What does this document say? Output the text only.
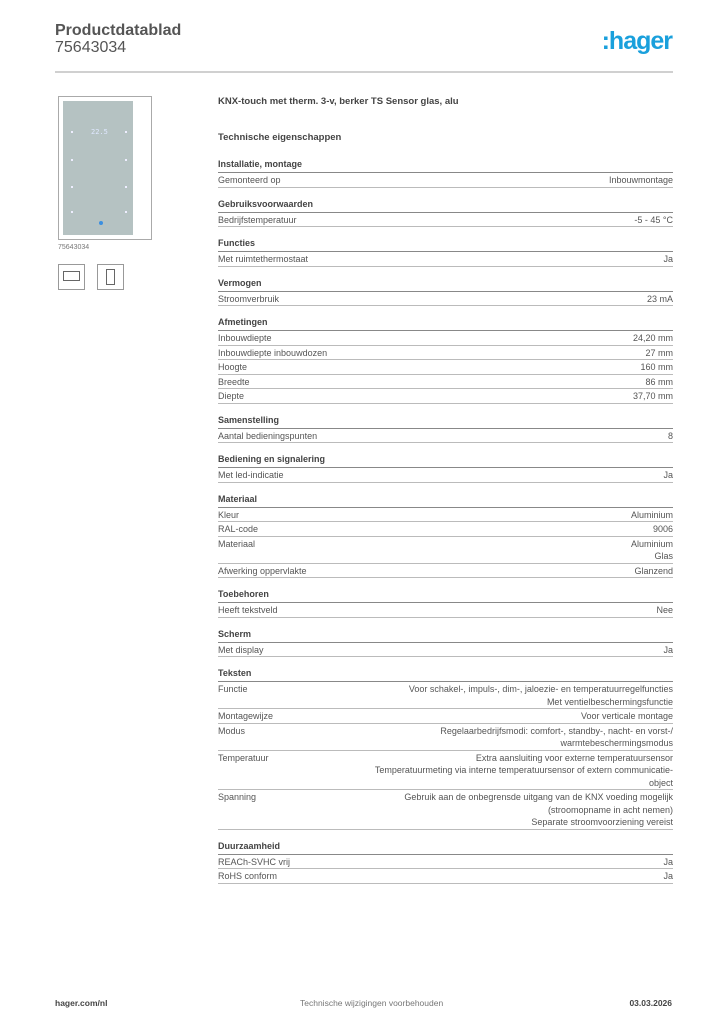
Productdatablad
75643034	:hager
22.5
75643034
KNX-touch met therm. 3-v, berker TS Sensor glas, alu
Technische eigenschappen
Installatie, montage
Gemonteerd op	Inbouwmontage
Gebruiksvoorwaarden
Bedrijfstemperatuur	-5 - 45 °C
Functies
Met ruimtethermostaat	Ja
Vermogen
Stroomverbruik	23 mA
Afmetingen
Inbouwdiepte	24,20 mm
Inbouwdiepte inbouwdozen	27 mm
Hoogte	160 mm
Breedte	86 mm
Diepte	37,70 mm
Samenstelling
Aantal bedieningspunten	8
Bediening en signalering
Met led-indicatie	Ja
Materiaal
Kleur	Aluminium
RAL-code	9006
Materiaal	Aluminium
Glas
Afwerking oppervlakte	Glanzend
Toebehoren
Heeft tekstveld	Nee
Scherm
Met display	Ja
Teksten
Functie	Voor schakel-, impuls-, dim-, jaloezie- en temperatuurregelfuncties
Met ventielbeschermingsfunctie
Montagewijze	Voor verticale montage
Modus	Regelaarbedrijfsmodi: comfort-, standby-, nacht- en vorst-/
warmtebeschermingsmodus
Temperatuur	Extra aansluiting voor externe temperatuursensor
Temperatuurmeting via interne temperatuursensor of extern communicatie-
object
Spanning	Gebruik aan de onbegrensde uitgang van de KNX voeding mogelijk
(stroomopname in acht nemen)
Separate stroomvoorziening vereist
Duurzaamheid
REACh-SVHC vrij	Ja
RoHS conform	Ja
hager.com/nl	Technische wijzigingen voorbehouden	03.03.2026
